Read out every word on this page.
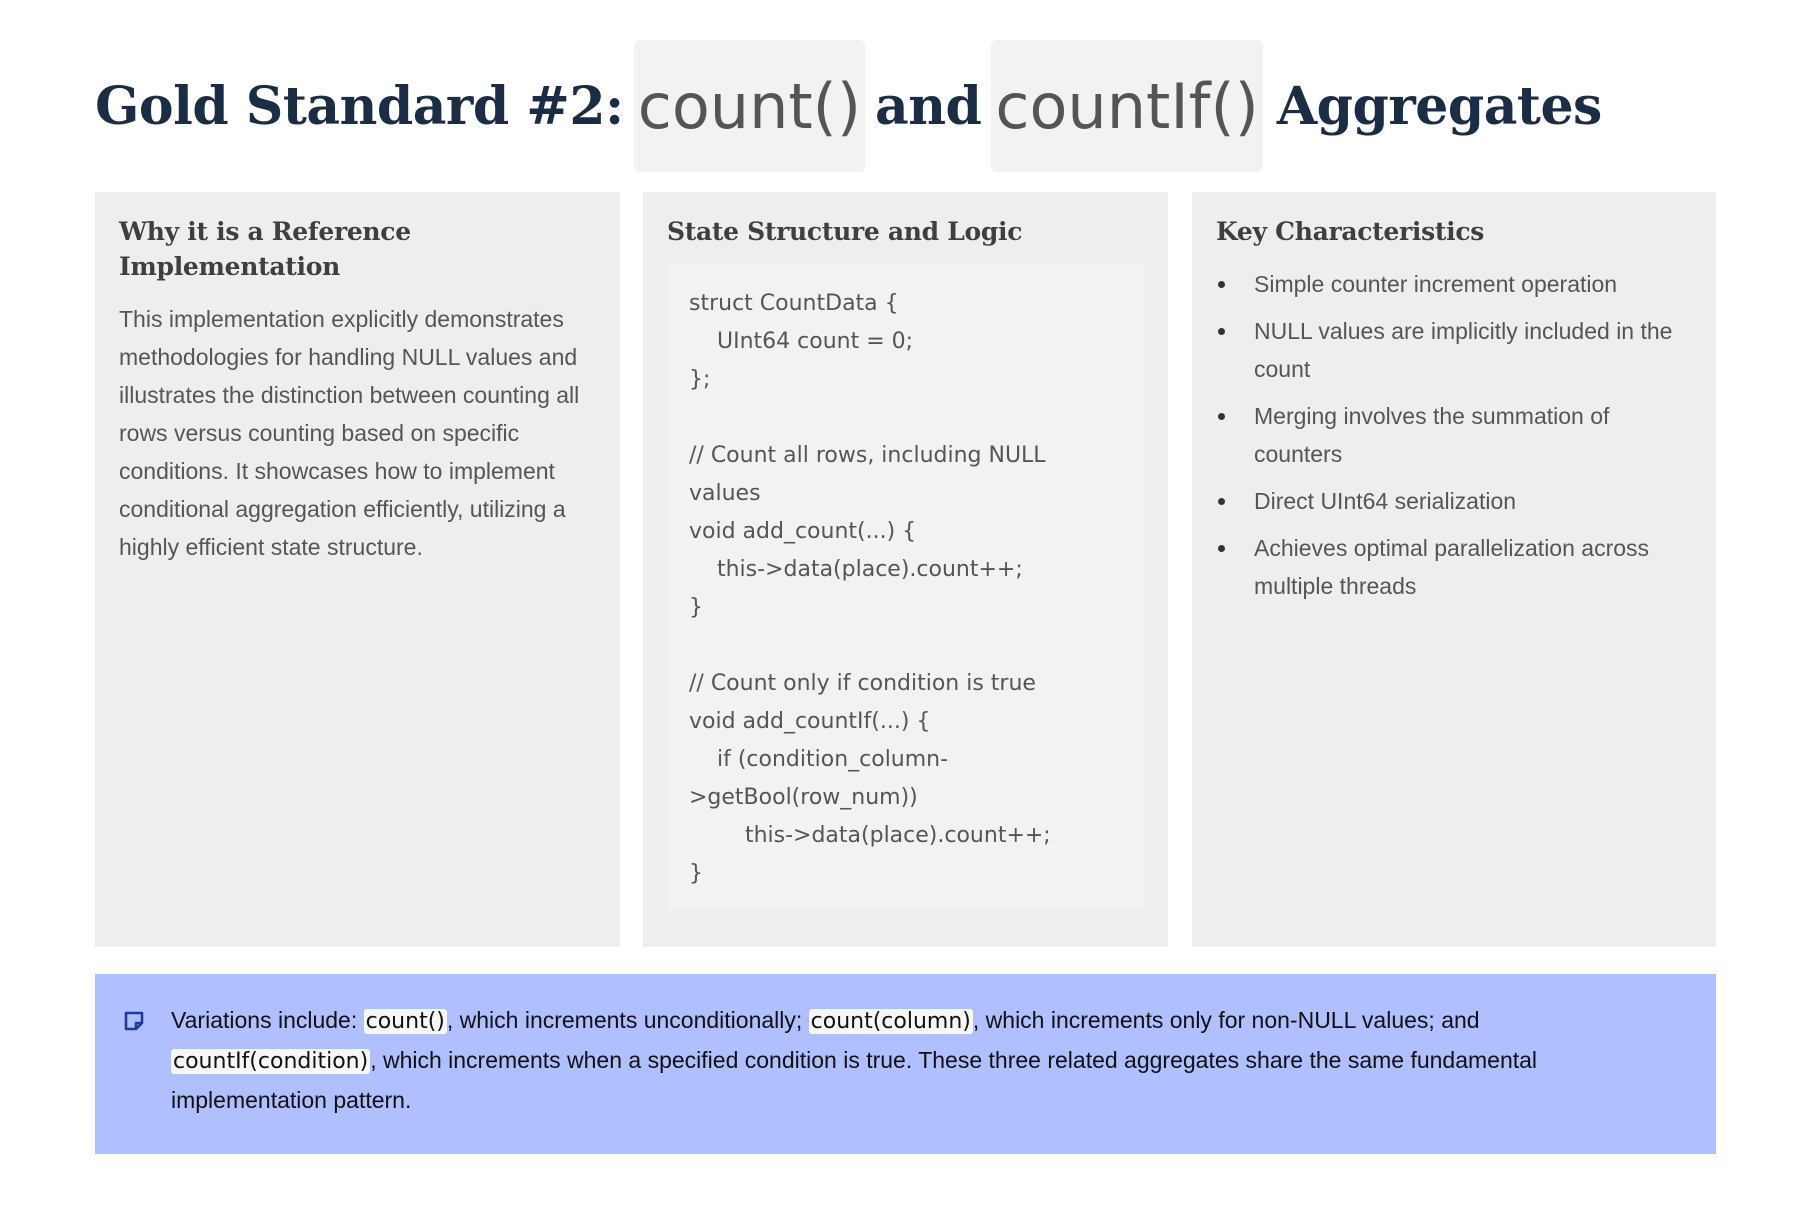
Gold Standard #2: count() and countIf() Aggregates
Why it is a Reference Implementation

This implementation explicitly demonstrates methodologies for handling NULL values and illustrates the distinction between counting all rows versus counting based on specific conditions. It showcases how to implement conditional aggregation efficiently, utilizing a highly efficient state structure.

State Structure and Logic
struct CountData {
UInt64 count = 0;
};
// Count all rows, including NULL values
void add_count(...) {
this->data(place).count++;
}
// Count only if condition is true
void add_countIf(...) {
if (condition_column->getBool(row_num))
this->data(place).count++;
}
Key Characteristics
Simple counter increment operation
NULL values are implicitly included in the count
Merging involves the summation of counters
Direct UInt64 serialization
Achieves optimal parallelization across multiple threads

Variations include: count(), which increments unconditionally; count(column), which increments only for non-NULL values; and countIf(condition), which increments when a specified condition is true. These three related aggregates share the same fundamental implementation pattern.
